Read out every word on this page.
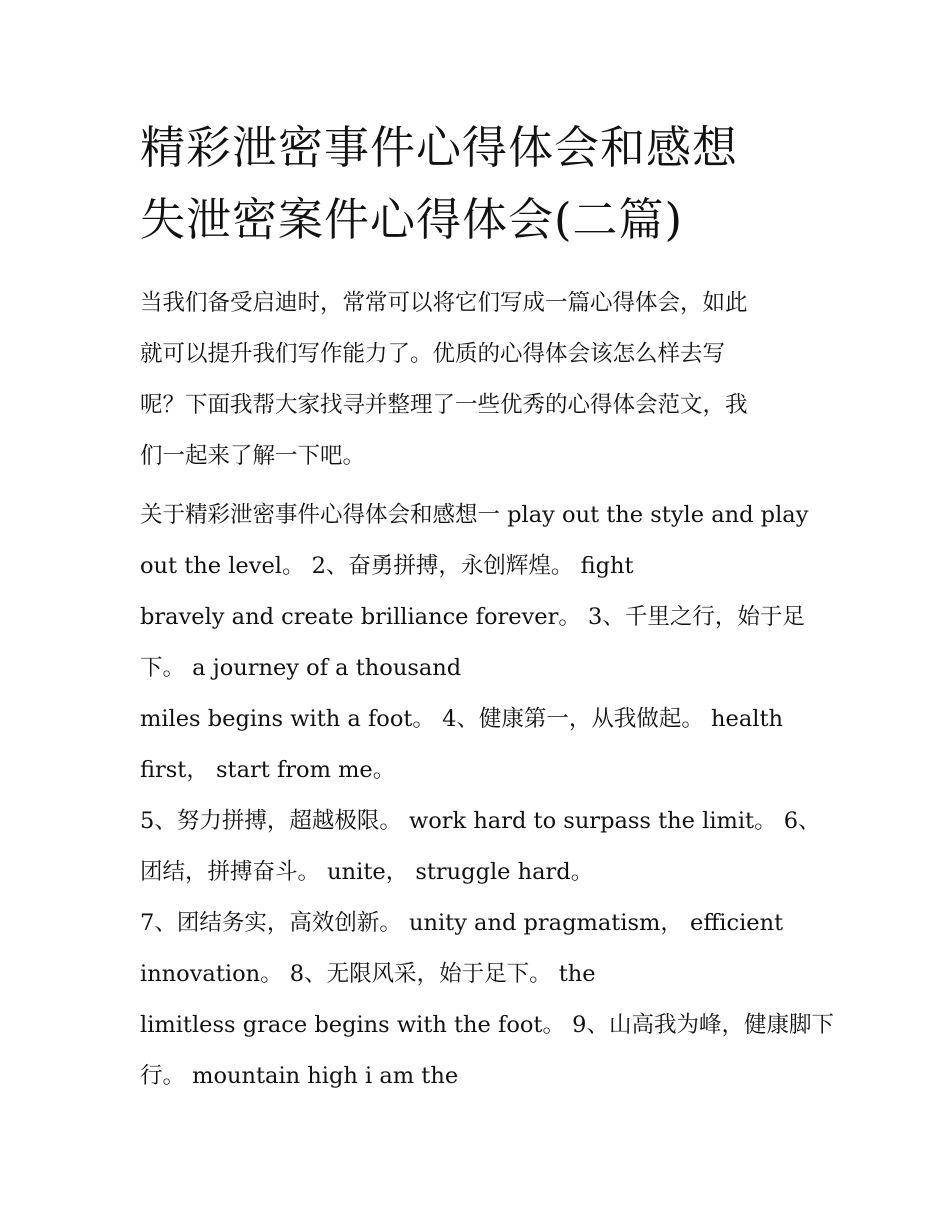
精彩泄密事件心得体会和感想
失泄密案件心得体会(二篇)
当我们备受启迪时，常常可以将它们写成一篇心得体会，如此
就可以提升我们写作能力了。优质的心得体会该怎么样去写
呢？下面我帮大家找寻并整理了一些优秀的心得体会范文，我
们一起来了解一下吧。
关于精彩泄密事件心得体会和感想一 play out the style and play
out the level。 2、奋勇拼搏，永创辉煌。 fight
bravely and create brilliance forever。 3、千里之行，始于足
下。 a journey of a thousand
miles begins with a foot。 4、健康第一，从我做起。 health
first， start from me。
5、努力拼搏，超越极限。 work hard to surpass the limit。 6、
团结，拼搏奋斗。 unite， struggle hard。
7、团结务实，高效创新。 unity and pragmatism， efficient
innovation。 8、无限风采，始于足下。 the
limitless grace begins with the foot。 9、山高我为峰，健康脚下
行。 mountain high i am the
